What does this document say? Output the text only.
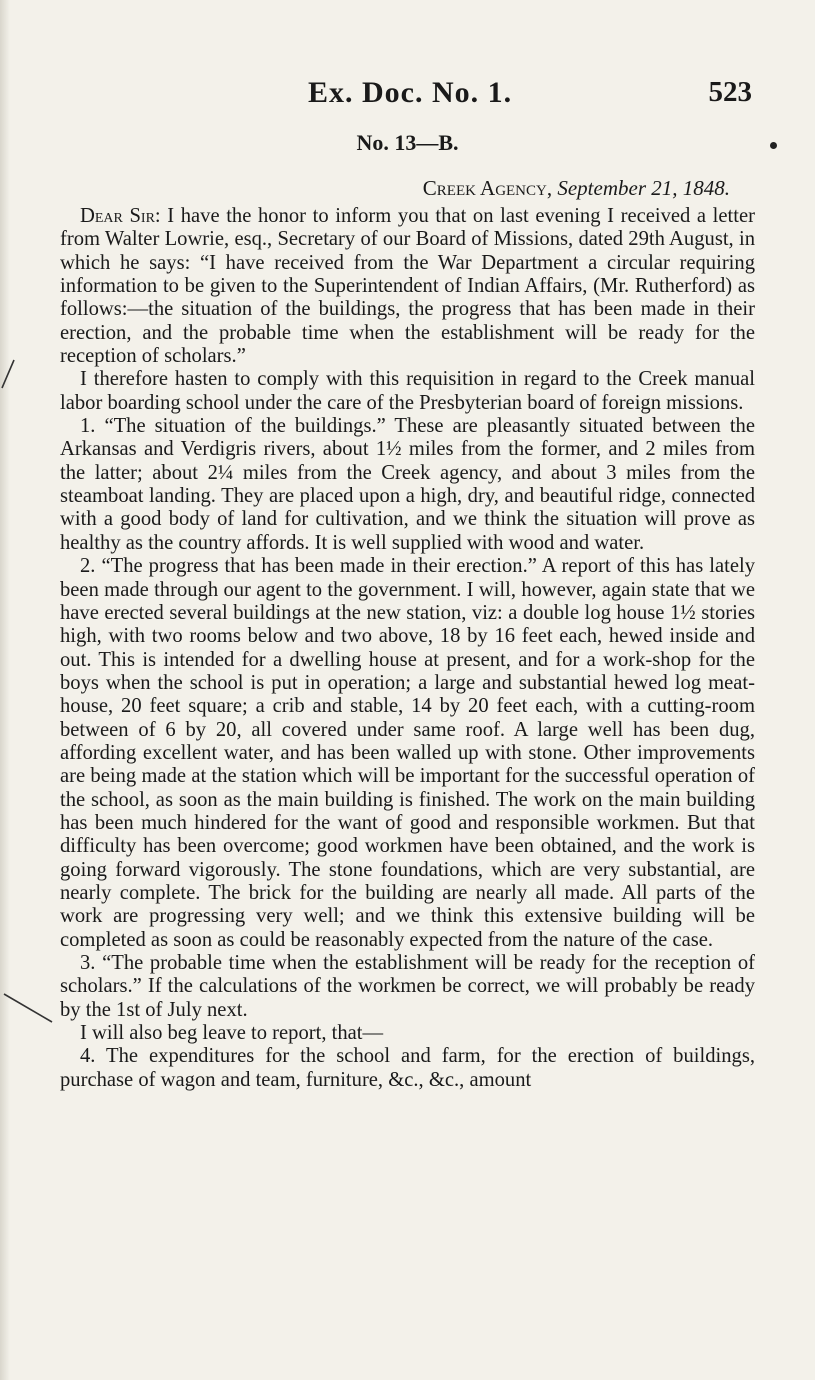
Ex. Doc. No. 1.	523
No. 13—B.
Creek Agency, September 21, 1848.

Dear Sir: I have the honor to inform you that on last evening I received a letter from Walter Lowrie, esq., Secretary of our Board of Missions, dated 29th August, in which he says: “I have received from the War Department a circular requiring information to be given to the Superintendent of Indian Affairs, (Mr. Rutherford) as follows:—the situation of the buildings, the progress that has been made in their erection, and the probable time when the establishment will be ready for the reception of scholars.”

I therefore hasten to comply with this requisition in regard to the Creek manual labor boarding school under the care of the Presbyterian board of foreign missions.

1. “The situation of the buildings.” These are pleasantly situated between the Arkansas and Verdigris rivers, about 1½ miles from the former, and 2 miles from the latter; about 2¼ miles from the Creek agency, and about 3 miles from the steamboat landing. They are placed upon a high, dry, and beautiful ridge, connected with a good body of land for cultivation, and we think the situation will prove as healthy as the country affords. It is well supplied with wood and water.

2. “The progress that has been made in their erection.” A report of this has lately been made through our agent to the government. I will, however, again state that we have erected several buildings at the new station, viz: a double log house 1½ stories high, with two rooms below and two above, 18 by 16 feet each, hewed inside and out. This is intended for a dwelling house at present, and for a work-shop for the boys when the school is put in operation; a large and substantial hewed log meat-house, 20 feet square; a crib and stable, 14 by 20 feet each, with a cutting-room between of 6 by 20, all covered under same roof. A large well has been dug, affording excellent water, and has been walled up with stone. Other improvements are being made at the station which will be important for the successful operation of the school, as soon as the main building is finished. The work on the main building has been much hindered for the want of good and responsible workmen. But that difficulty has been overcome; good workmen have been obtained, and the work is going forward vigorously. The stone foundations, which are very substantial, are nearly complete. The brick for the building are nearly all made. All parts of the work are progressing very well; and we think this extensive building will be completed as soon as could be reasonably expected from the nature of the case.

3. “The probable time when the establishment will be ready for the reception of scholars.” If the calculations of the workmen be correct, we will probably be ready by the 1st of July next.

I will also beg leave to report, that—

4. The expenditures for the school and farm, for the erection of buildings, purchase of wagon and team, furniture, &c., &c., amount
